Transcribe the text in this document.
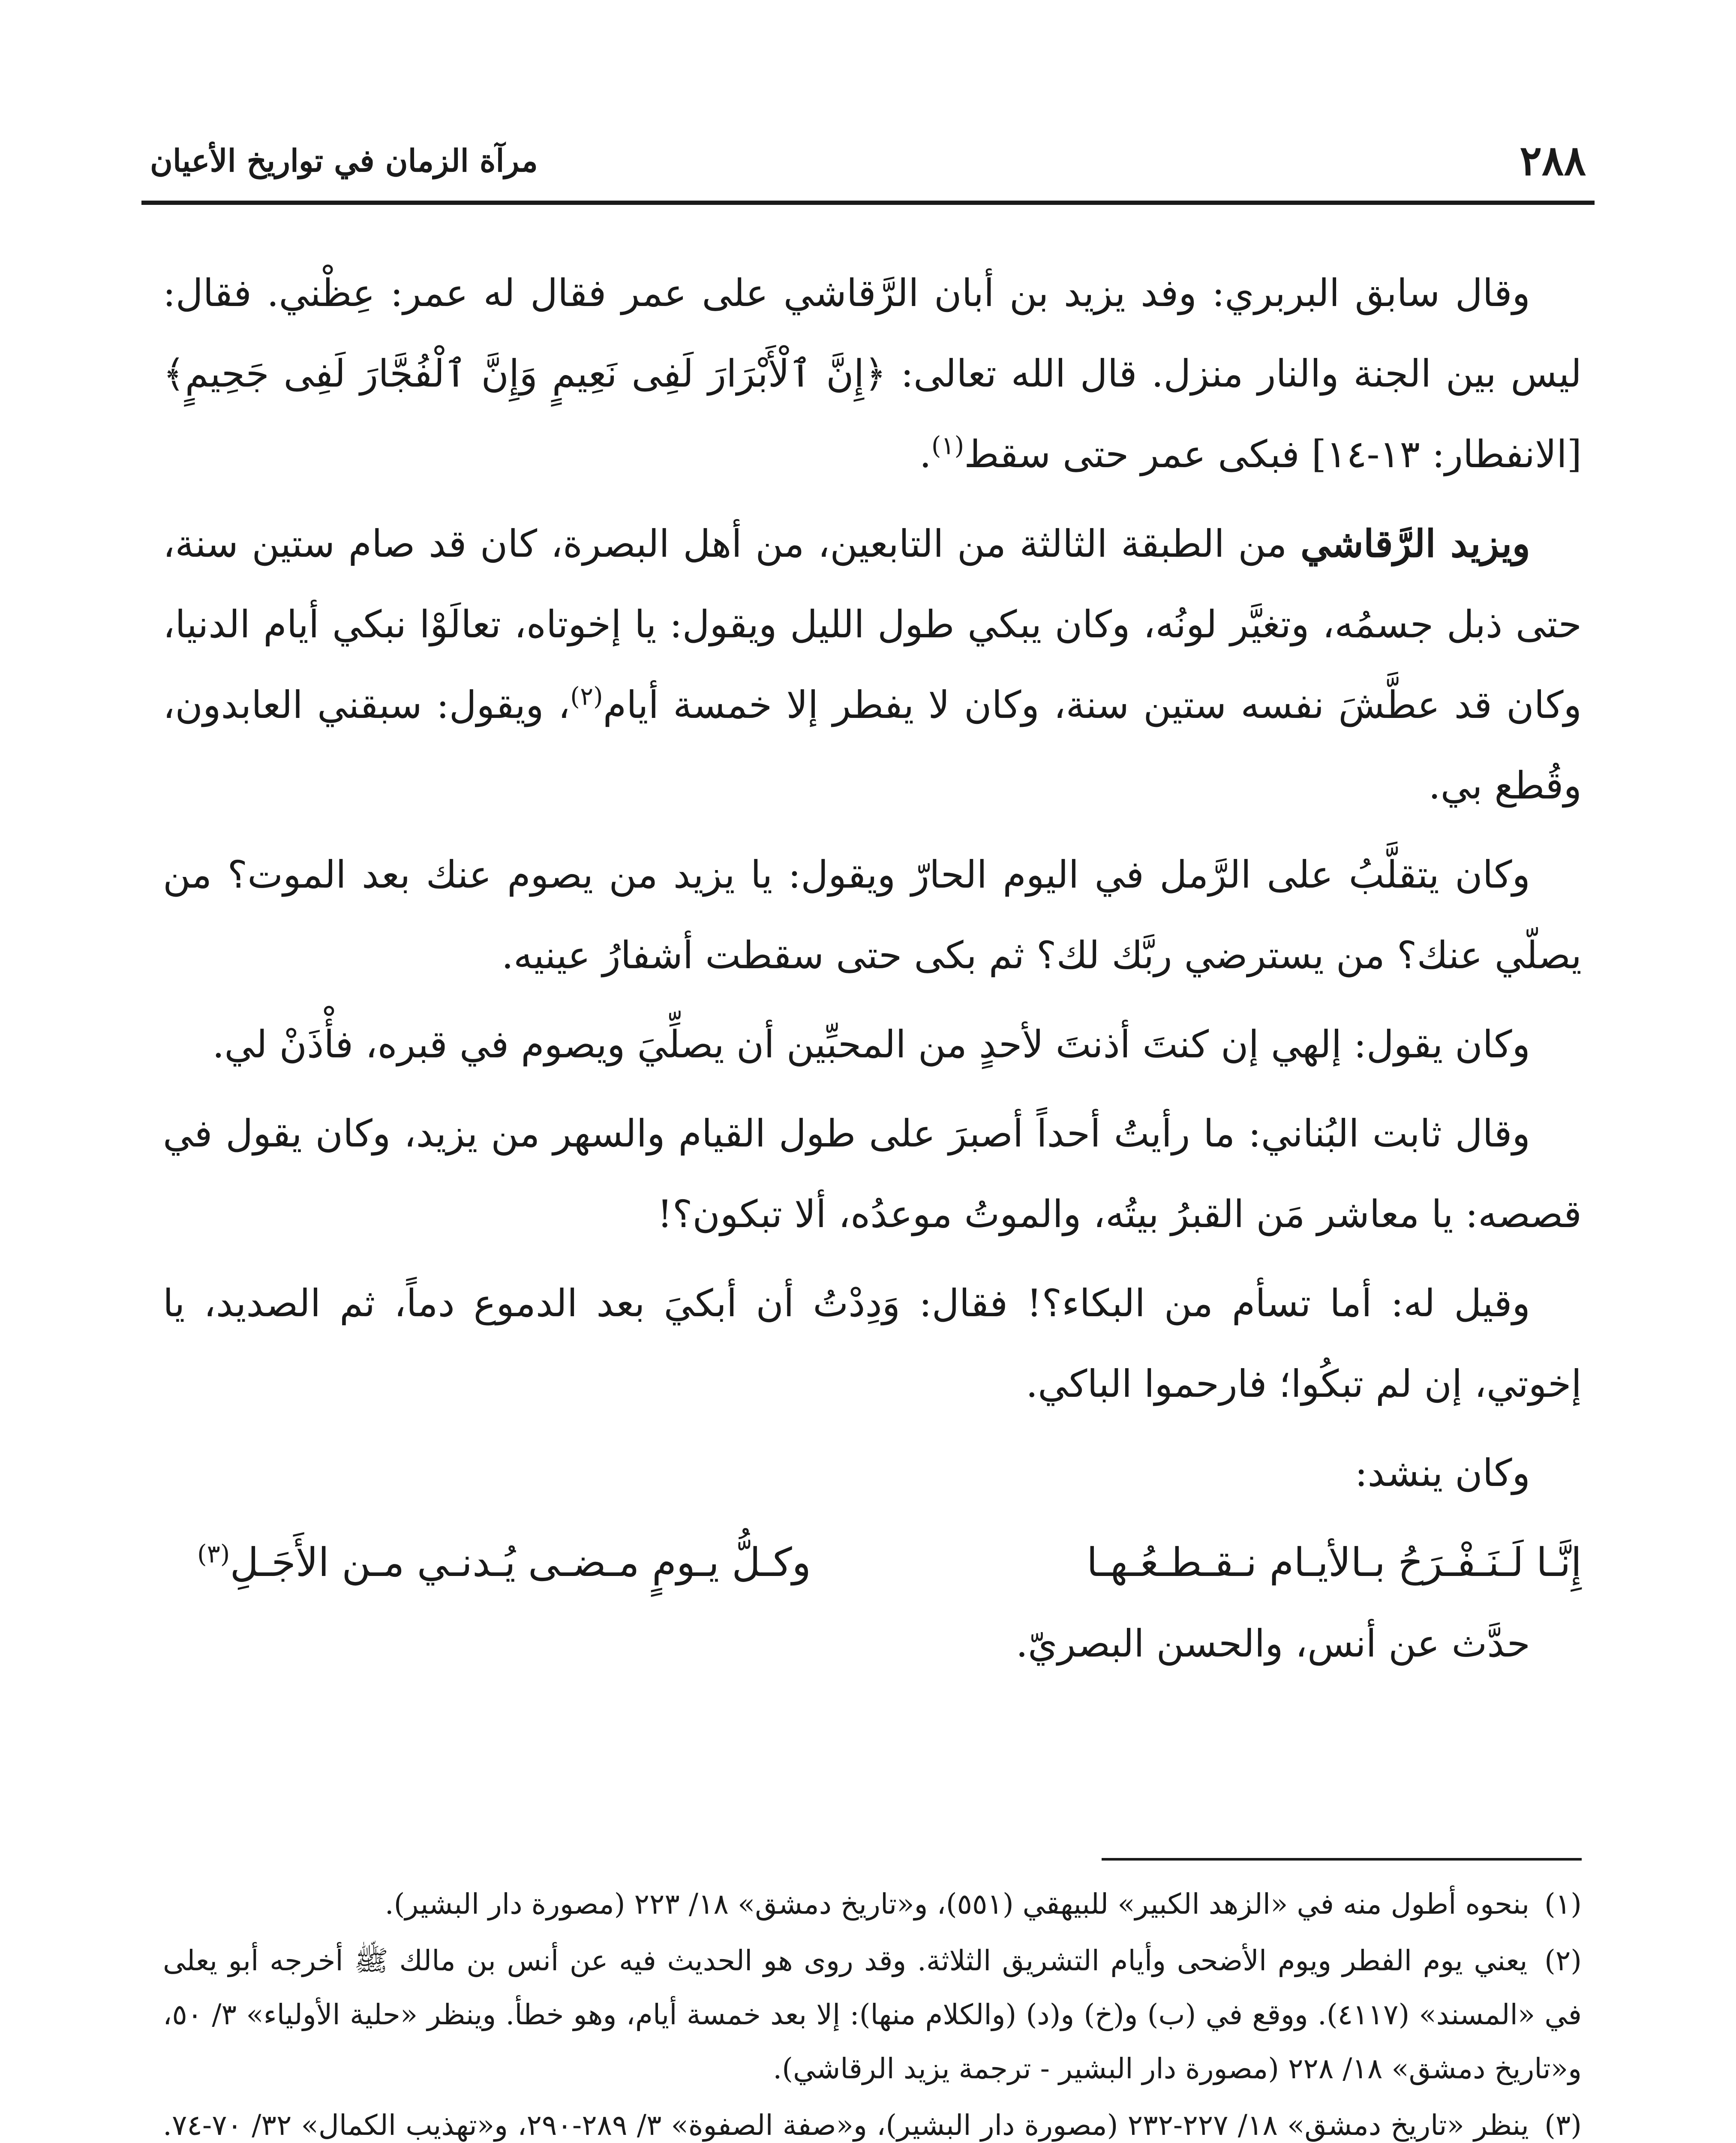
٢٨٨
مرآة الزمان في تواريخ الأعيان

وقال سابق البربري: وفد يزيد بن أبان الرَّقاشي على عمر فقال له عمر: عِظْني. فقال: ليس بين الجنة والنار منزل. قال الله تعالى: ﴿إِنَّ ٱلْأَبْرَارَ لَفِى نَعِيمٍ وَإِنَّ ٱلْفُجَّارَ لَفِى جَحِيمٍ﴾ [الانفطار: ١٣-١٤] فبكى عمر حتى سقط$^{(١)}$.

ويزيد الرَّقاشي من الطبقة الثالثة من التابعين، من أهل البصرة، كان قد صام ستين سنة، حتى ذبل جسمُه، وتغيَّر لونُه، وكان يبكي طول الليل ويقول: يا إخوتاه، تعالَوْا نبكي أيام الدنيا، وكان قد عطَّشَ نفسه ستين سنة، وكان لا يفطر إلا خمسة أيام$^{(٢)}$، ويقول: سبقني العابدون، وقُطع بي.

وكان يتقلَّبُ على الرَّمل في اليوم الحارّ ويقول: يا يزيد من يصوم عنك بعد الموت؟ من يصلّي عنك؟ من يسترضي ربَّك لك؟ ثم بكى حتى سقطت أشفارُ عينيه.

وكان يقول: إلهي إن كنتَ أذنتَ لأحدٍ من المحبِّين أن يصلِّيَ ويصوم في قبره، فأْذَنْ لي.

وقال ثابت البُناني: ما رأيتُ أحداً أصبرَ على طول القيام والسهر من يزيد، وكان يقول في قصصه: يا معاشر مَن القبرُ بيتُه، والموتُ موعدُه، ألا تبكون؟!

وقيل له: أما تسأم من البكاء؟! فقال: وَدِدْتُ أن أبكيَ بعد الدموع دماً، ثم الصديد، يا إخوتي، إن لم تبكُوا؛ فارحموا الباكي.

وكان ينشد:

إِنَّـا لَـنَـفْـرَحُ بـالأيـام نـقـطـعُـهـا
وكـلُّ يـومٍ مـضـى يُـدنـي مـن الأَجَـلِ$^{(٣)}$

حدَّث عن أنس، والحسن البصريّ.

(١) بنحوه أطول منه في «الزهد الكبير» للبيهقي (٥٥١)، و«تاريخ دمشق» ١٨/ ٢٢٣ (مصورة دار البشير).

(٢) يعني يوم الفطر ويوم الأضحى وأيام التشريق الثلاثة. وقد روى هو الحديث فيه عن أنس بن مالك ﷺ أخرجه أبو يعلى في «المسند» (٤١١٧). ووقع في (ب) و(خ) و(د) (والكلام منها): إلا بعد خمسة أيام، وهو خطأ. وينظر «حلية الأولياء» ٣/ ٥٠، و«تاريخ دمشق» ١٨/ ٢٢٨ (مصورة دار البشير - ترجمة يزيد الرقاشي).

(٣) ينظر «تاريخ دمشق» ١٨/ ٢٢٧-٢٣٢ (مصورة دار البشير)، و«صفة الصفوة» ٣/ ٢٨٩-٢٩٠، و«تهذيب الكمال» ٣٢/ ٧٠-٧٤.
